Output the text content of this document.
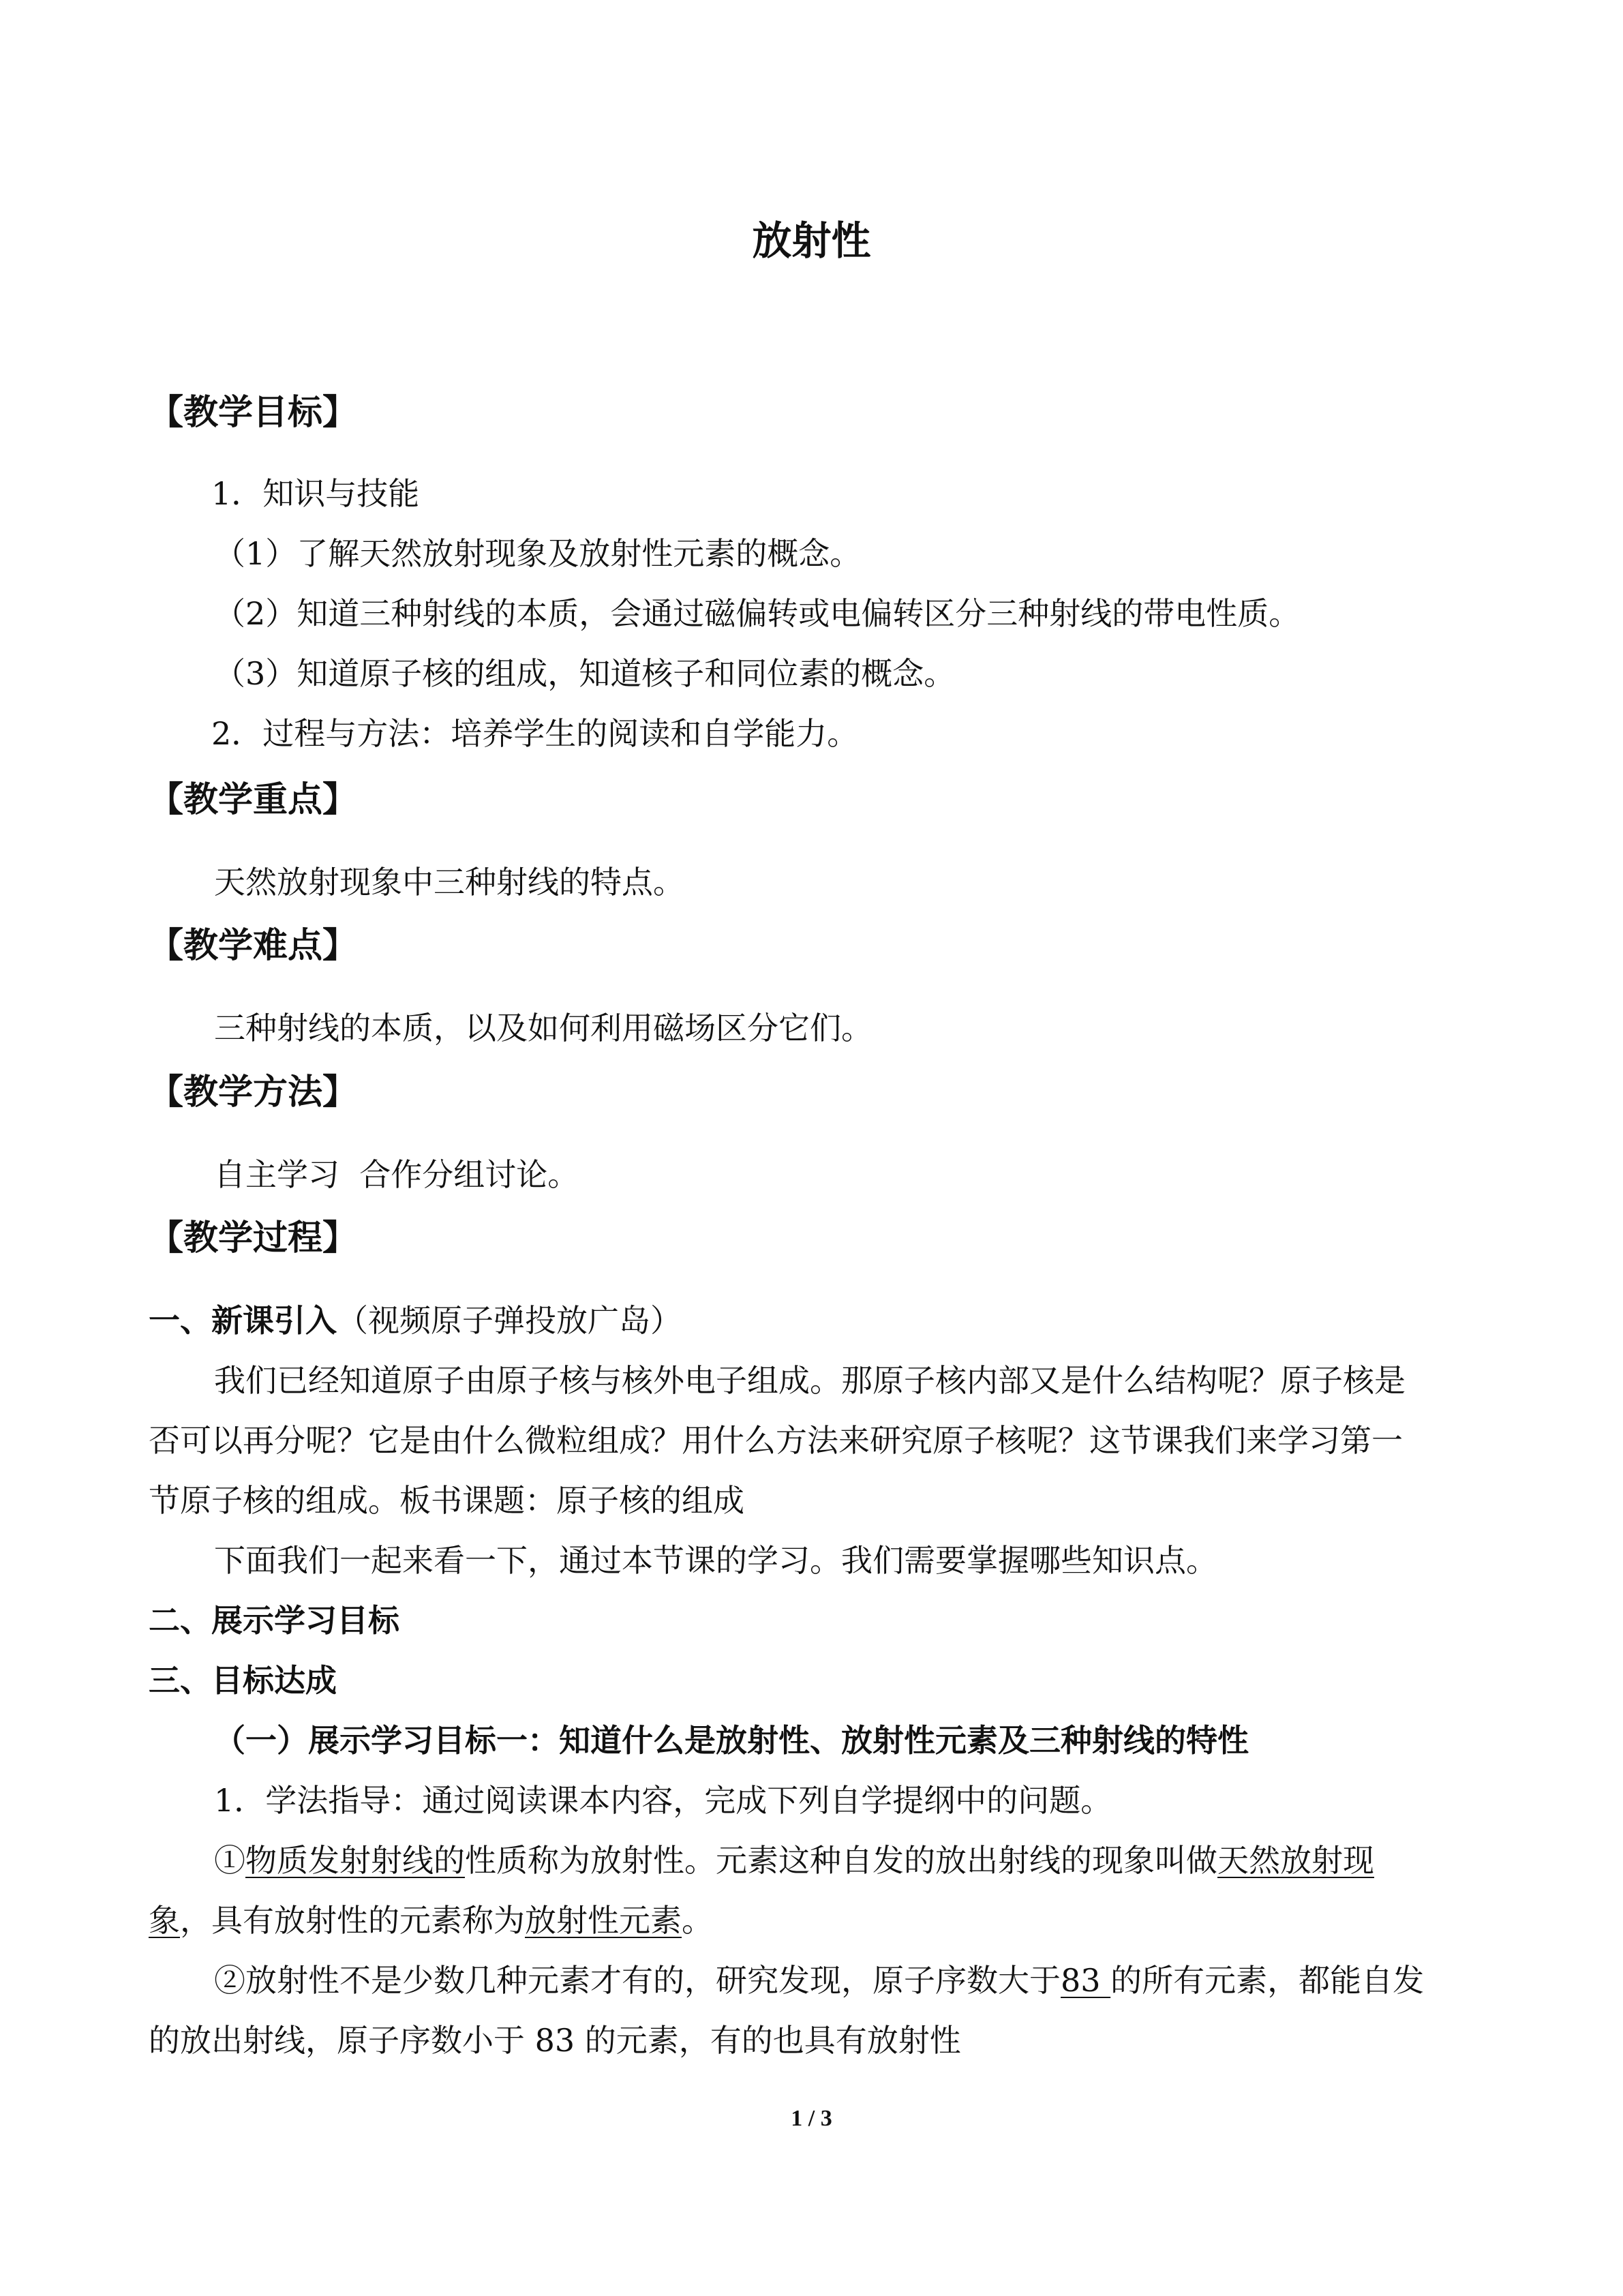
放射性
【教学目标】
1．知识与技能
（1）了解天然放射现象及放射性元素的概念。
（2）知道三种射线的本质，会通过磁偏转或电偏转区分三种射线的带电性质。
（3）知道原子核的组成，知道核子和同位素的概念。
2．过程与方法：培养学生的阅读和自学能力。
【教学重点】
天然放射现象中三种射线的特点。
【教学难点】
三种射线的本质，以及如何利用磁场区分它们。
【教学方法】
自主学习  合作分组讨论。
【教学过程】
一、新课引入（视频原子弹投放广岛）
我们已经知道原子由原子核与核外电子组成。那原子核内部又是什么结构呢？原子核是
否可以再分呢？它是由什么微粒组成？用什么方法来研究原子核呢？这节课我们来学习第一
节原子核的组成。板书课题：原子核的组成
下面我们一起来看一下，通过本节课的学习。我们需要掌握哪些知识点。
二、展示学习目标
三、目标达成
（一）展示学习目标一：知道什么是放射性、放射性元素及三种射线的特性
1．学法指导：通过阅读课本内容，完成下列自学提纲中的问题。
①物质发射射线的性质称为放射性。元素这种自发的放出射线的现象叫做天然放射现
象，具有放射性的元素称为放射性元素。
②放射性不是少数几种元素才有的，研究发现，原子序数大于83 的所有元素，都能自发
的放出射线，原子序数小于 83 的元素，有的也具有放射性
1 / 3
